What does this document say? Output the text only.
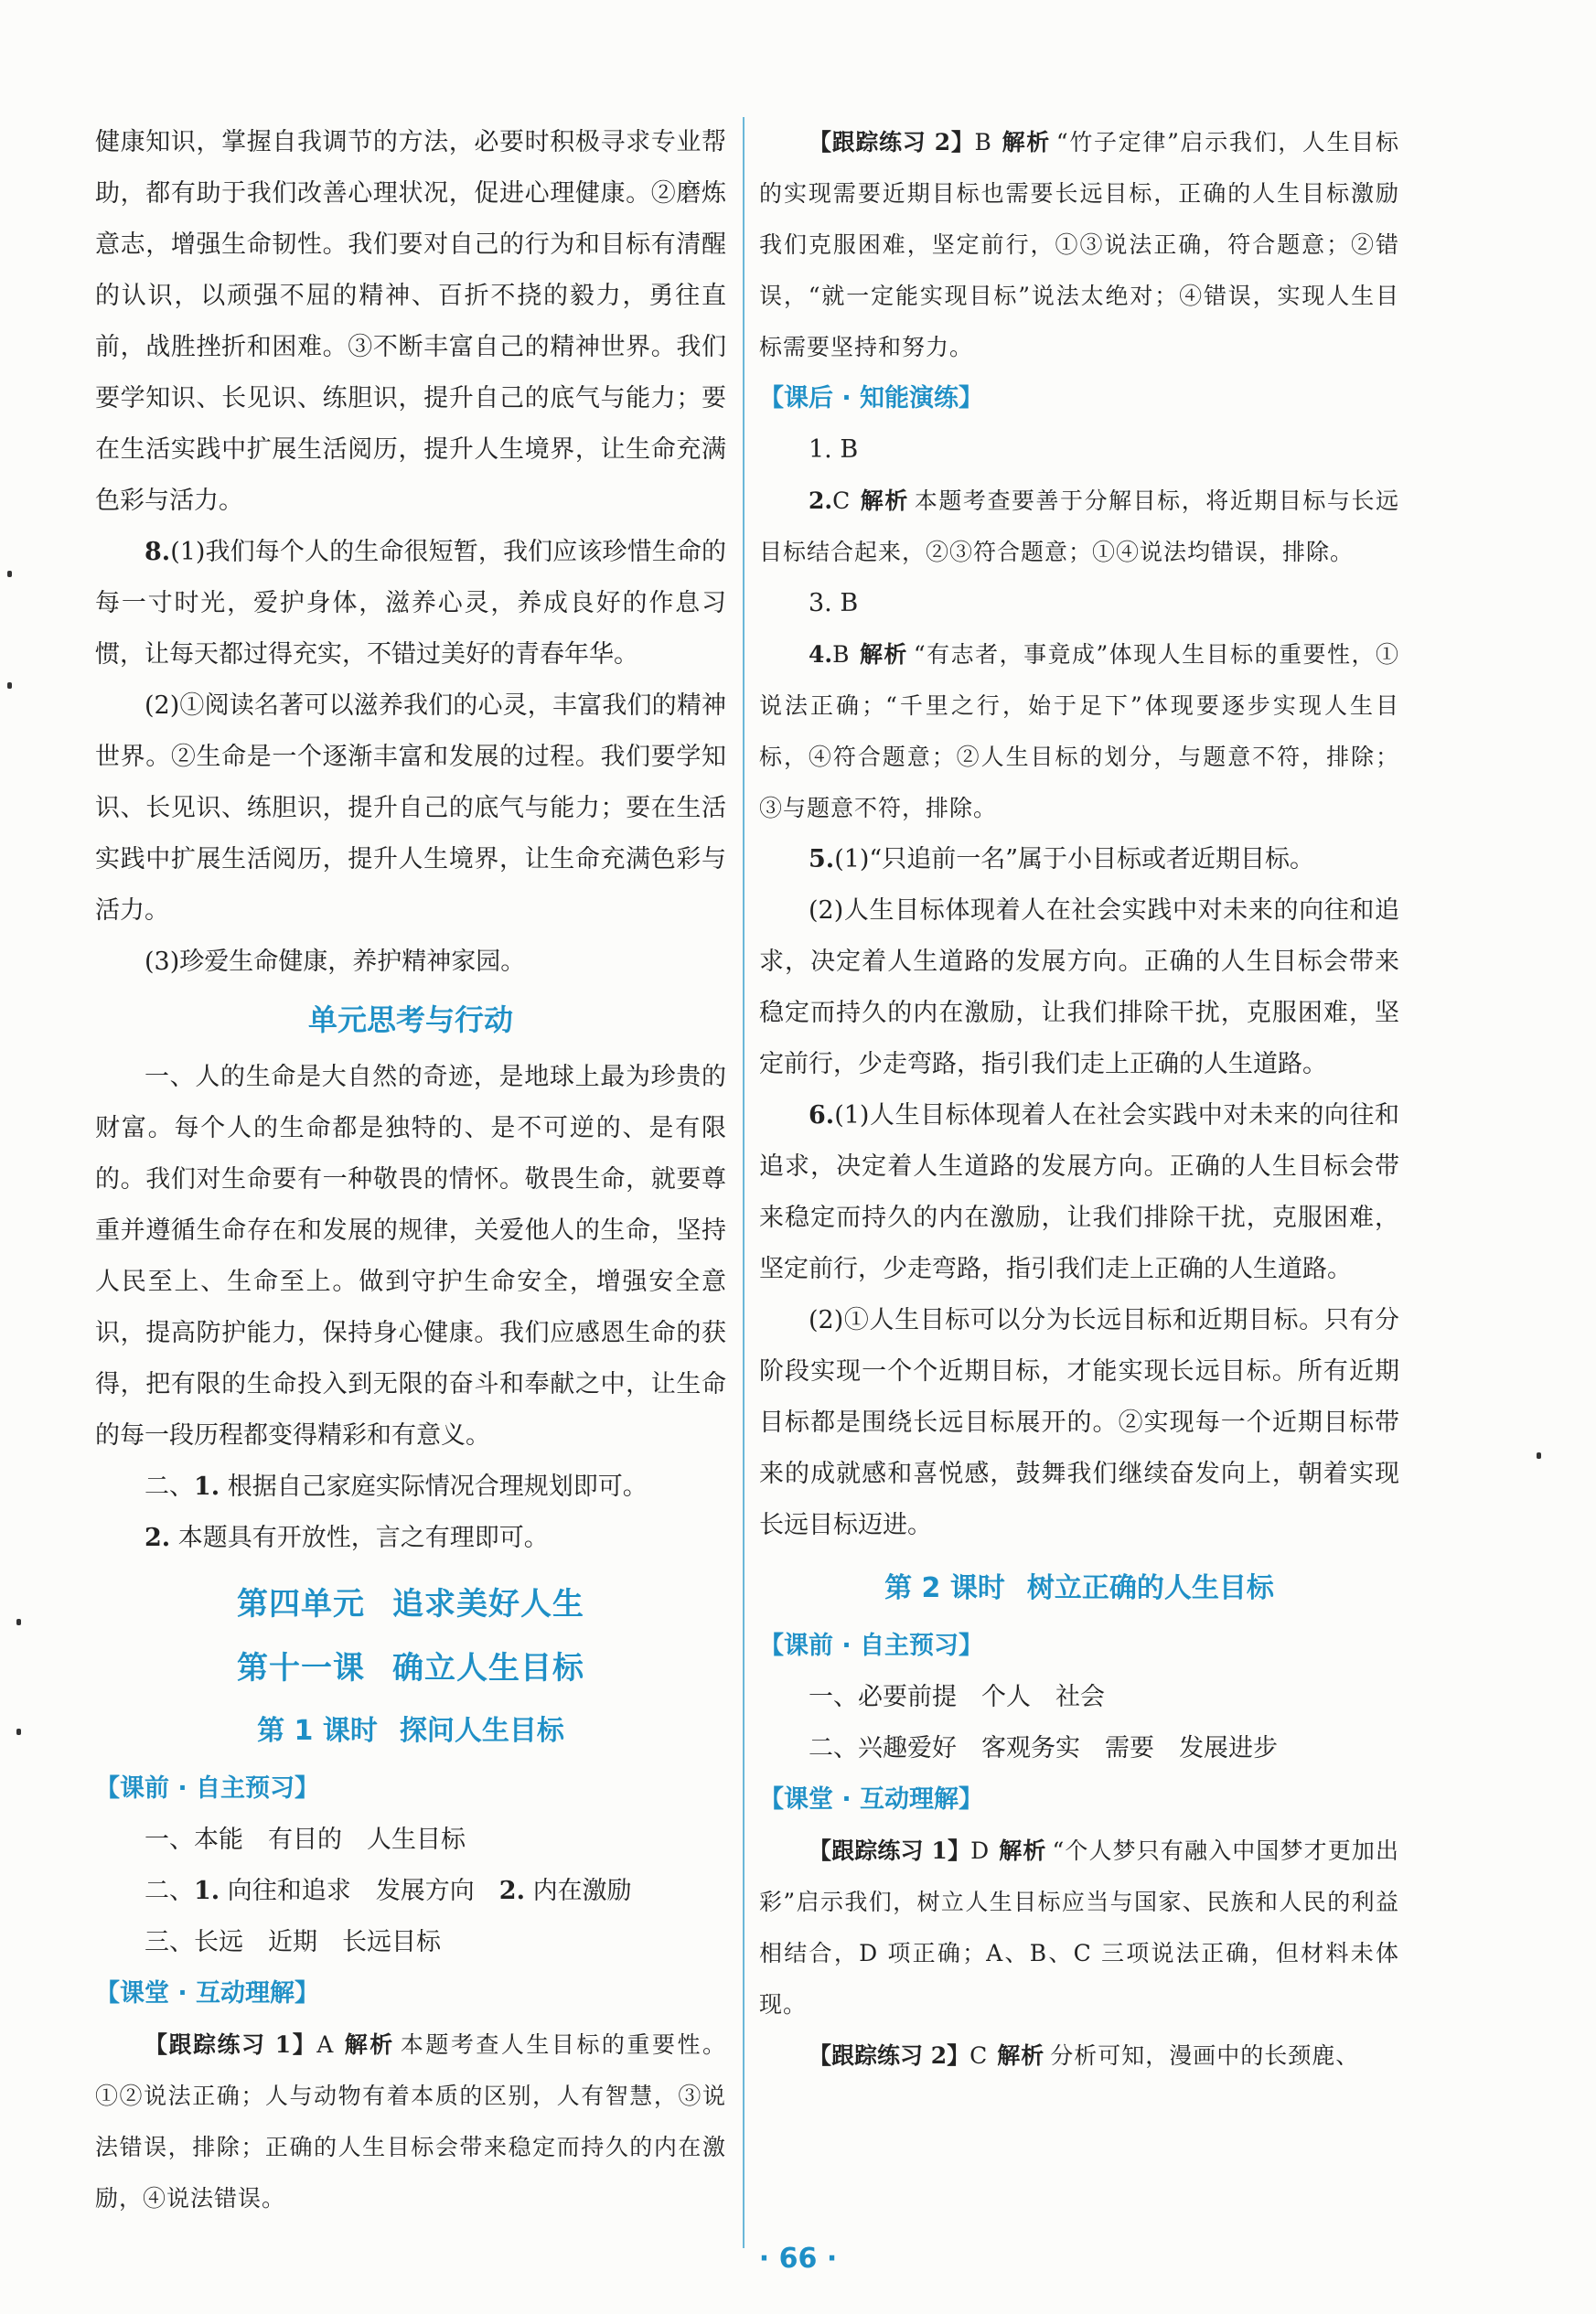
健康知识，掌握自我调节的方法，必要时积极寻求专业帮助，都有助于我们改善心理状况，促进心理健康。②磨炼意志，增强生命韧性。我们要对自己的行为和目标有清醒的认识，以顽强不屈的精神、百折不挠的毅力，勇往直前，战胜挫折和困难。③不断丰富自己的精神世界。我们要学知识、长见识、练胆识，提升自己的底气与能力；要在生活实践中扩展生活阅历，提升人生境界，让生命充满色彩与活力。

8.(1)我们每个人的生命很短暂，我们应该珍惜生命的每一寸时光，爱护身体，滋养心灵，养成良好的作息习惯，让每天都过得充实，不错过美好的青春年华。

(2)①阅读名著可以滋养我们的心灵，丰富我们的精神世界。②生命是一个逐渐丰富和发展的过程。我们要学知识、长见识、练胆识，提升自己的底气与能力；要在生活实践中扩展生活阅历，提升人生境界，让生命充满色彩与活力。

(3)珍爱生命健康，养护精神家园。

单元思考与行动

一、人的生命是大自然的奇迹，是地球上最为珍贵的财富。每个人的生命都是独特的、是不可逆的、是有限的。我们对生命要有一种敬畏的情怀。敬畏生命，就要尊重并遵循生命存在和发展的规律，关爱他人的生命，坚持人民至上、生命至上。做到守护生命安全，增强安全意识，提高防护能力，保持身心健康。我们应感恩生命的获得，把有限的生命投入到无限的奋斗和奉献之中，让生命的每一段历程都变得精彩和有意义。

二、1. 根据自己家庭实际情况合理规划即可。

2. 本题具有开放性，言之有理即可。

第四单元 追求美好人生
第十一课 确立人生目标
第 1 课时 探问人生目标

【课前 · 自主预习】

一、本能　有目的　人生目标

二、1. 向往和追求　发展方向　2. 内在激励

三、长远　近期　长远目标

【课堂 · 互动理解】

【跟踪练习 1】A 解析 本题考查人生目标的重要性。①②说法正确；人与动物有着本质的区别，人有智慧，③说法错误，排除；正确的人生目标会带来稳定而持久的内在激励，④说法错误。

【跟踪练习 2】B 解析 “竹子定律”启示我们，人生目标的实现需要近期目标也需要长远目标，正确的人生目标激励我们克服困难，坚定前行，①③说法正确，符合题意；②错误，“就一定能实现目标”说法太绝对；④错误，实现人生目标需要坚持和努力。

【课后 · 知能演练】

1. B

2.C 解析 本题考查要善于分解目标，将近期目标与长远目标结合起来，②③符合题意；①④说法均错误，排除。

3. B

4.B 解析 “有志者，事竟成”体现人生目标的重要性，①说法正确；“千里之行，始于足下”体现要逐步实现人生目标，④符合题意；②人生目标的划分，与题意不符，排除；③与题意不符，排除。

5.(1)“只追前一名”属于小目标或者近期目标。

(2)人生目标体现着人在社会实践中对未来的向往和追求，决定着人生道路的发展方向。正确的人生目标会带来稳定而持久的内在激励，让我们排除干扰，克服困难，坚定前行，少走弯路，指引我们走上正确的人生道路。

6.(1)人生目标体现着人在社会实践中对未来的向往和追求，决定着人生道路的发展方向。正确的人生目标会带来稳定而持久的内在激励，让我们排除干扰，克服困难，坚定前行，少走弯路，指引我们走上正确的人生道路。

(2)①人生目标可以分为长远目标和近期目标。只有分阶段实现一个个近期目标，才能实现长远目标。所有近期目标都是围绕长远目标展开的。②实现每一个近期目标带来的成就感和喜悦感，鼓舞我们继续奋发向上，朝着实现长远目标迈进。

第 2 课时 树立正确的人生目标

【课前 · 自主预习】

一、必要前提　个人　社会

二、兴趣爱好　客观务实　需要　发展进步

【课堂 · 互动理解】

【跟踪练习 1】D 解析 “个人梦只有融入中国梦才更加出彩”启示我们，树立人生目标应当与国家、民族和人民的利益相结合，D 项正确；A、B、C 三项说法正确，但材料未体现。

【跟踪练习 2】C 解析 分析可知，漫画中的长颈鹿、

· 66 ·
